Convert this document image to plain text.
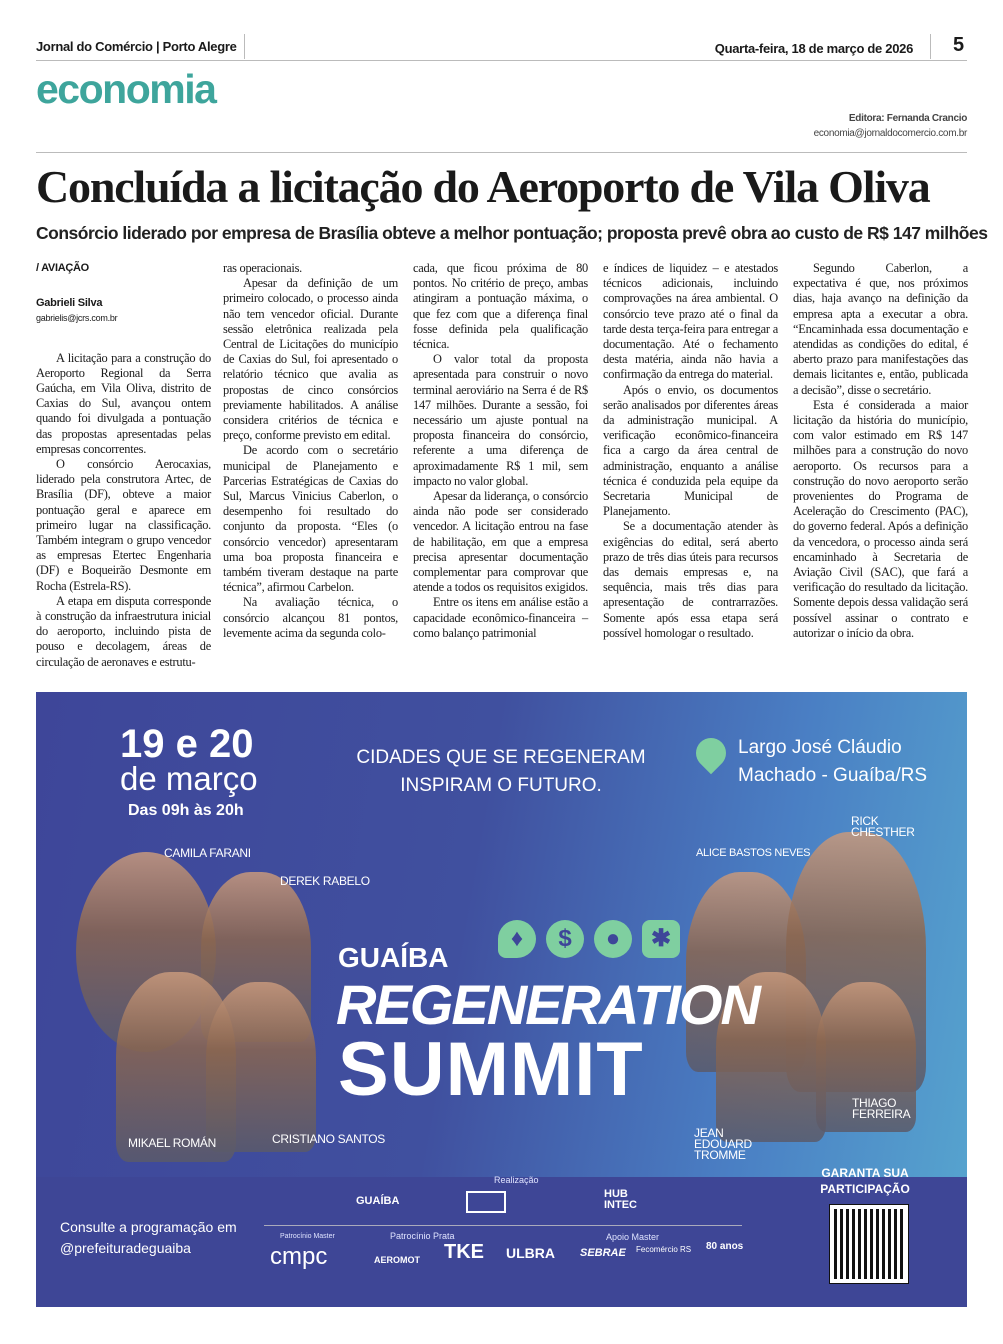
Jornal do Comércio | Porto Alegre	Quarta-feira, 18 de março de 2026 5
economia
Editora: Fernanda Crancio
economia@jornaldocomercio.com.br
Concluída a licitação do Aeroporto de Vila Oliva
Consórcio liderado por empresa de Brasília obteve a melhor pontuação; proposta prevê obra ao custo de R$ 147 milhões
/ AVIAÇÃO
Gabrieli Silva
gabrielis@jcrs.com.br

A licitação para a construção do Aeroporto Regional da Serra Gaúcha, em Vila Oliva, distrito de Caxias do Sul, avançou ontem quando foi divulgada a pontuação das propostas apresentadas pelas empresas concorrentes.

O consórcio Aerocaxias, liderado pela construtora Artec, de Brasília (DF), obteve a maior pontuação geral e aparece em primeiro lugar na classificação. Também integram o grupo vencedor as empresas Etertec Engenharia (DF) e Boqueirão Desmonte em Rocha (Estrela-RS).

A etapa em disputa corresponde à construção da infraestrutura inicial do aeroporto, incluindo pista de pouso e decolagem, áreas de circulação de aeronaves e estrutu-

ras operacionais.

Apesar da definição de um primeiro colocado, o processo ainda não tem vencedor oficial. Durante sessão eletrônica realizada pela Central de Licitações do município de Caxias do Sul, foi apresentado o relatório técnico que avalia as propostas de cinco consórcios previamente habilitados. A análise considera critérios de técnica e preço, conforme previsto em edital.

De acordo com o secretário municipal de Planejamento e Parcerias Estratégicas de Caxias do Sul, Marcus Vinicius Caberlon, o desempenho foi resultado do conjunto da proposta. “Eles (o consórcio vencedor) apresentaram uma boa proposta financeira e também tiveram destaque na parte técnica”, afirmou Carbelon.

Na avaliação técnica, o consórcio alcançou 81 pontos, levemente acima da segunda colo-

cada, que ficou próxima de 80 pontos. No critério de preço, ambas atingiram a pontuação máxima, o que fez com que a diferença final fosse definida pela qualificação técnica.

O valor total da proposta apresentada para construir o novo terminal aeroviário na Serra é de R$ 147 milhões. Durante a sessão, foi necessário um ajuste pontual na proposta financeira do consórcio, referente a uma diferença de aproximadamente R$ 1 mil, sem impacto no valor global.

Apesar da liderança, o consórcio ainda não pode ser considerado vencedor. A licitação entrou na fase de habilitação, em que a empresa precisa apresentar documentação complementar para comprovar que atende a todos os requisitos exigidos.

Entre os itens em análise estão a capacidade econômico-financeira – como balanço patrimonial

e índices de liquidez – e atestados técnicos adicionais, incluindo comprovações na área ambiental. O consórcio teve prazo até o final da tarde desta terça-feira para entregar a documentação. Até o fechamento desta matéria, ainda não havia a confirmação da entrega do material.

Após o envio, os documentos serão analisados por diferentes áreas da administração municipal. A verificação econômico-financeira fica a cargo da área central de administração, enquanto a análise técnica é conduzida pela equipe da Secretaria Municipal de Planejamento.

Se a documentação atender às exigências do edital, será aberto prazo de três dias úteis para recursos das demais empresas e, na sequência, mais três dias para apresentação de contrarrazões. Somente após essa etapa será possível homologar o resultado.

Segundo Caberlon, a expectativa é que, nos próximos dias, haja avanço na definição da empresa apta a executar a obra. “Encaminhada essa documentação e atendidas as condições do edital, é aberto prazo para manifestações das demais licitantes e, então, publicada a decisão”, disse o secretário.

Esta é considerada a maior licitação da história do município, com valor estimado em R$ 147 milhões para a construção do novo aeroporto. Os recursos para a construção do novo aeroporto serão provenientes do Programa de Aceleração do Crescimento (PAC), do governo federal. Após a definição da vencedora, o processo ainda será encaminhado à Secretaria de Aviação Civil (SAC), que fará a verificação do resultado da licitação. Somente depois dessa validação será possível assinar o contrato e autorizar o início da obra.

19 e 20
de março
Das 09h às 20h
CIDADES QUE SE REGENERAM
INSPIRAM O FUTURO.
Largo José Cláudio
Machado - Guaíba/RS
CAMILA FARANI
DEREK RABELO
MIKAEL ROMÁN	CRISTIANO SANTOS
ALICE BASTOS NEVES
RICK CHESTHER
JEAN EDOUARD TROMME
THIAGO FERREIRA
♦	$	●	✱
GUAÍBA
REGENERATION
SUMMIT
Consulte a programação em
@prefeituradeguaiba
Realização
GUAÍBA
HUB INTEC
Patrocínio Master	Patrocínio Prata	Apoio Master
cmpc	AEROMOT TKE ULBRA SEBRAE Fecomércio RS 80 anos
GARANTA SUA PARTICIPAÇÃO
